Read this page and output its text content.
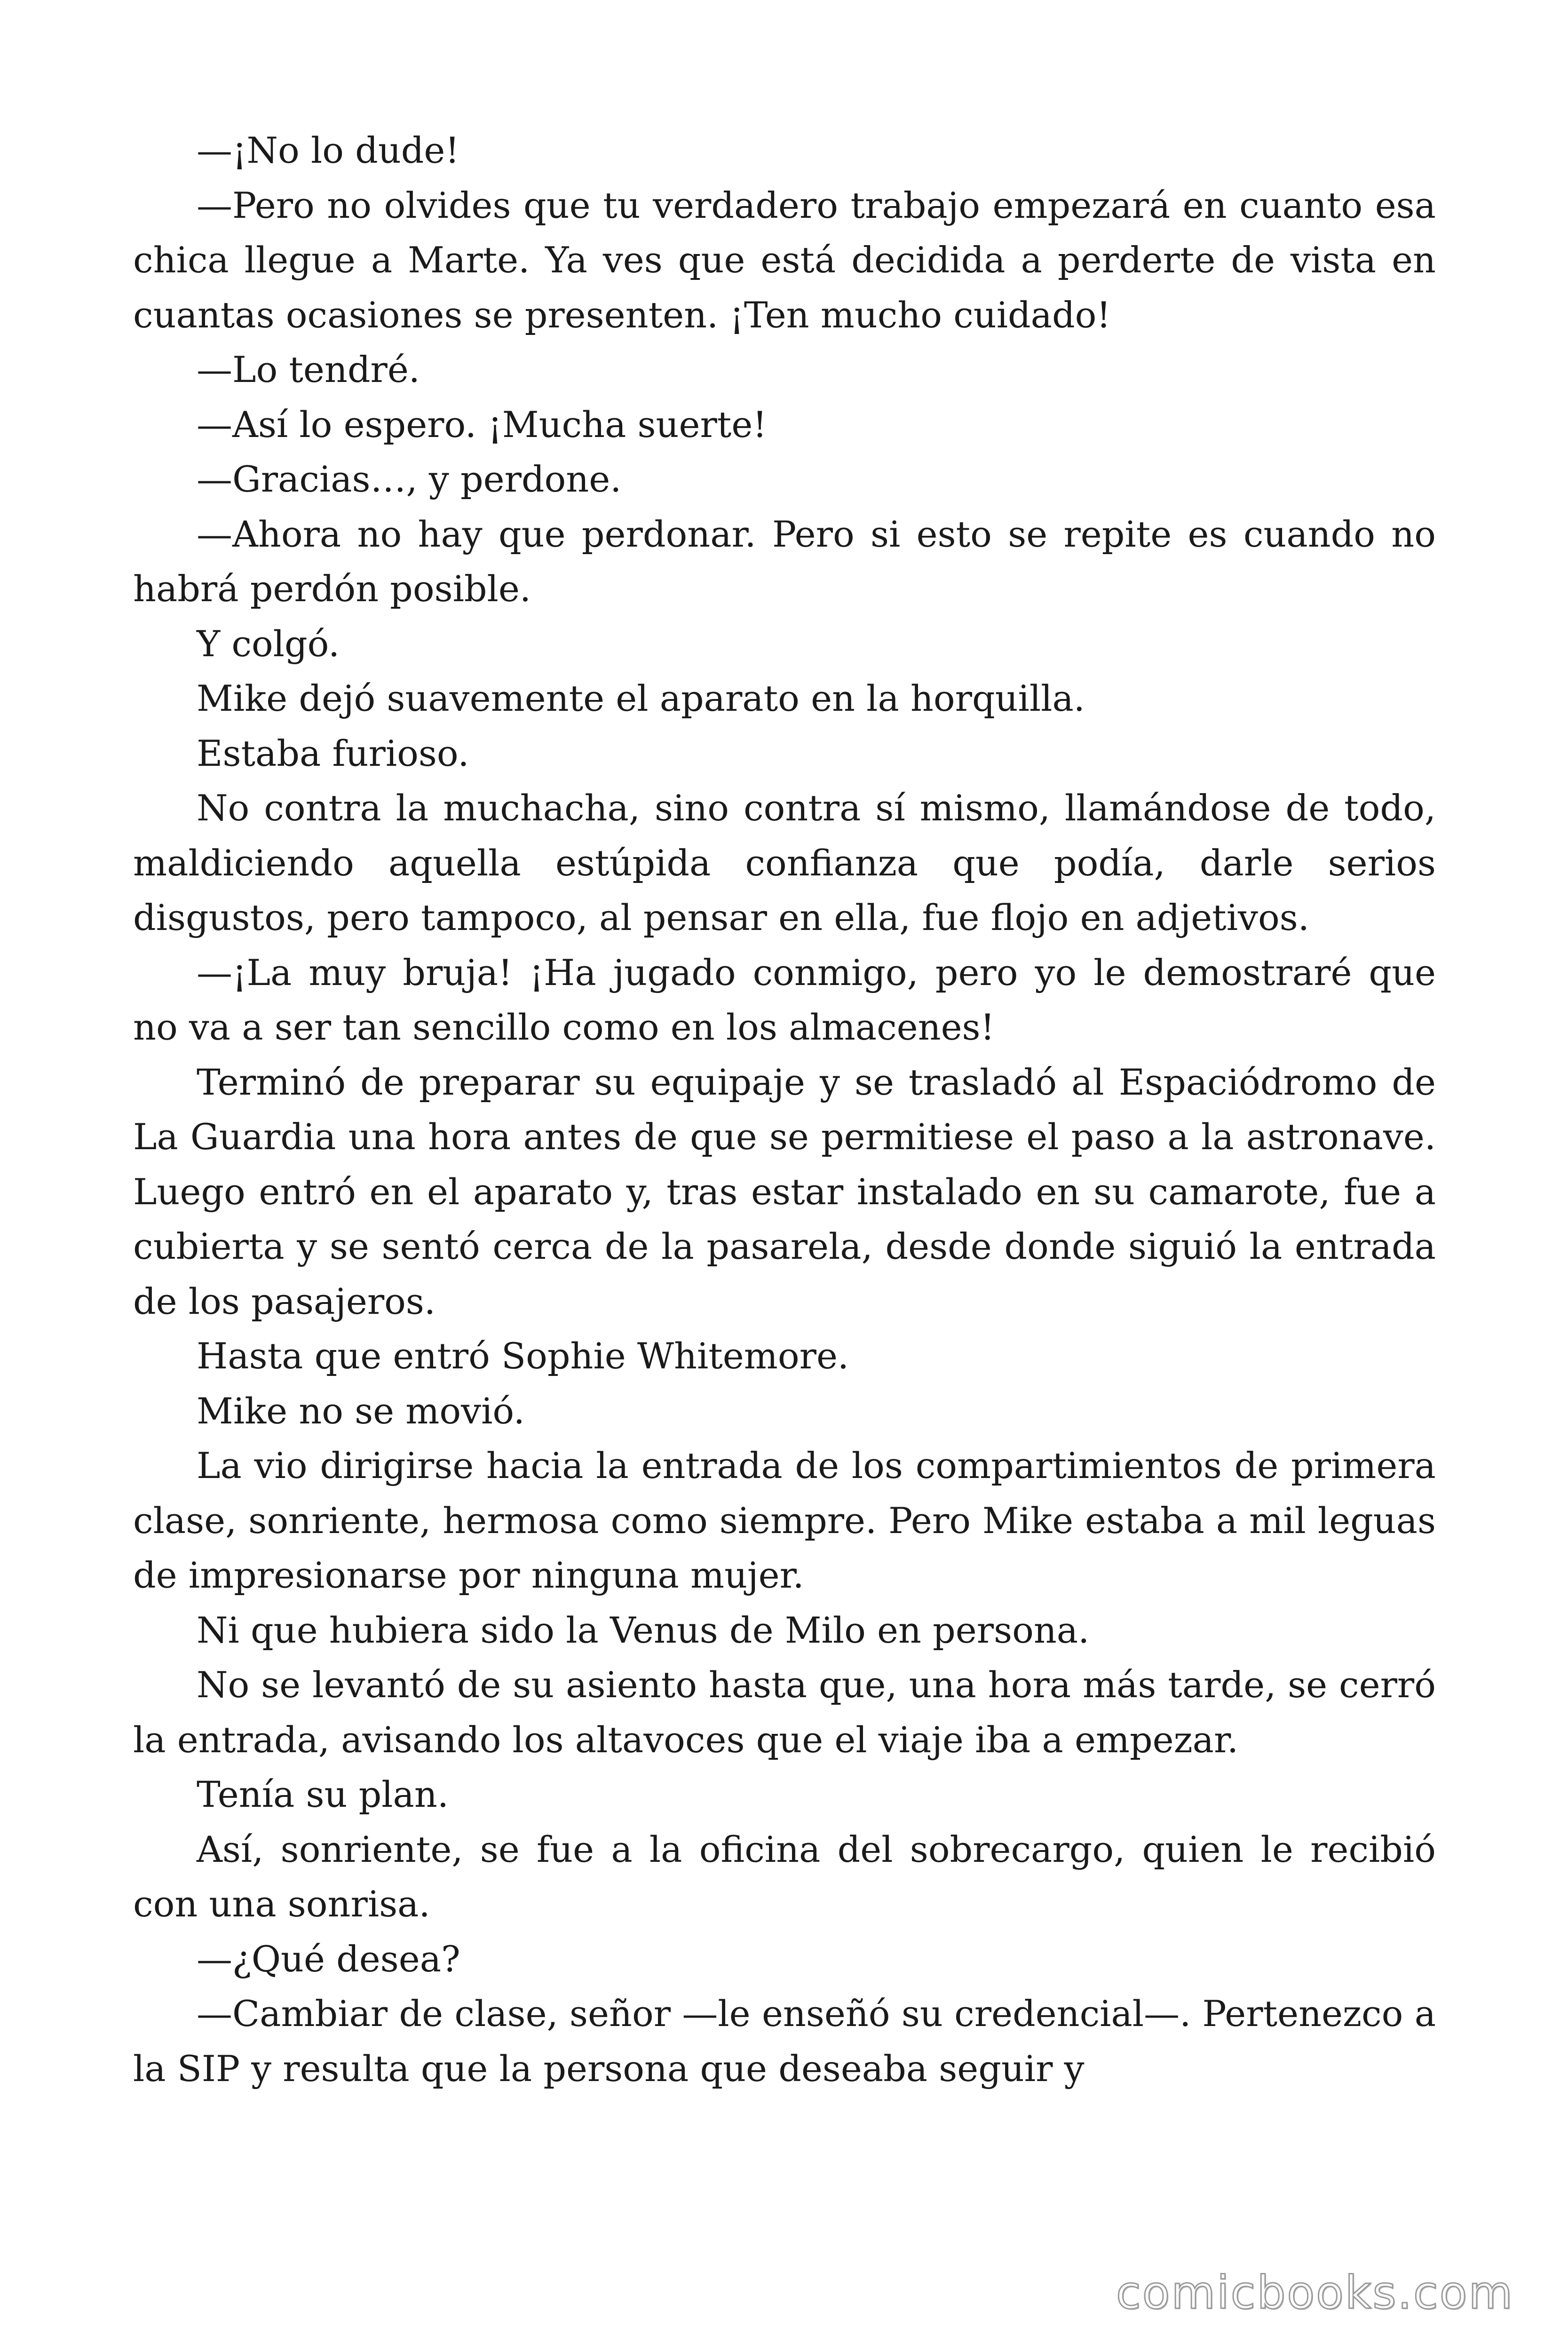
—¡No lo dude!

—Pero no olvides que tu verdadero trabajo empezará en cuanto esa chica llegue a Marte. Ya ves que está decidida a perderte de vista en cuantas ocasiones se presenten. ¡Ten mucho cuidado!

—Lo tendré.

—Así lo espero. ¡Mucha suerte!

—Gracias…, y perdone.

—Ahora no hay que perdonar. Pero si esto se repite es cuando no habrá perdón posible.

Y colgó.

Mike dejó suavemente el aparato en la horquilla.

Estaba furioso.

No contra la muchacha, sino contra sí mismo, llamándose de todo, maldiciendo aquella estúpida confianza que podía, darle serios disgustos, pero tampoco, al pensar en ella, fue flojo en adjetivos.

—¡La muy bruja! ¡Ha jugado conmigo, pero yo le demostraré que no va a ser tan sencillo como en los almacenes!

Terminó de preparar su equipaje y se trasladó al Espaciódromo de La Guardia una hora antes de que se permitiese el paso a la astronave. Luego entró en el aparato y, tras estar instalado en su camarote, fue a cubierta y se sentó cerca de la pasarela, desde donde siguió la entrada de los pasajeros.

Hasta que entró Sophie Whitemore.

Mike no se movió.

La vio dirigirse hacia la entrada de los compartimientos de primera clase, sonriente, hermosa como siempre. Pero Mike estaba a mil leguas de impresionarse por ninguna mujer.

Ni que hubiera sido la Venus de Milo en persona.

No se levantó de su asiento hasta que, una hora más tarde, se cerró la entrada, avisando los altavoces que el viaje iba a empezar.

Tenía su plan.

Así, sonriente, se fue a la oficina del sobrecargo, quien le recibió con una sonrisa.

—¿Qué desea?

—Cambiar de clase, señor —le enseñó su credencial—. Pertenezco a la SIP y resulta que la persona que deseaba seguir y

comicbooks.com
